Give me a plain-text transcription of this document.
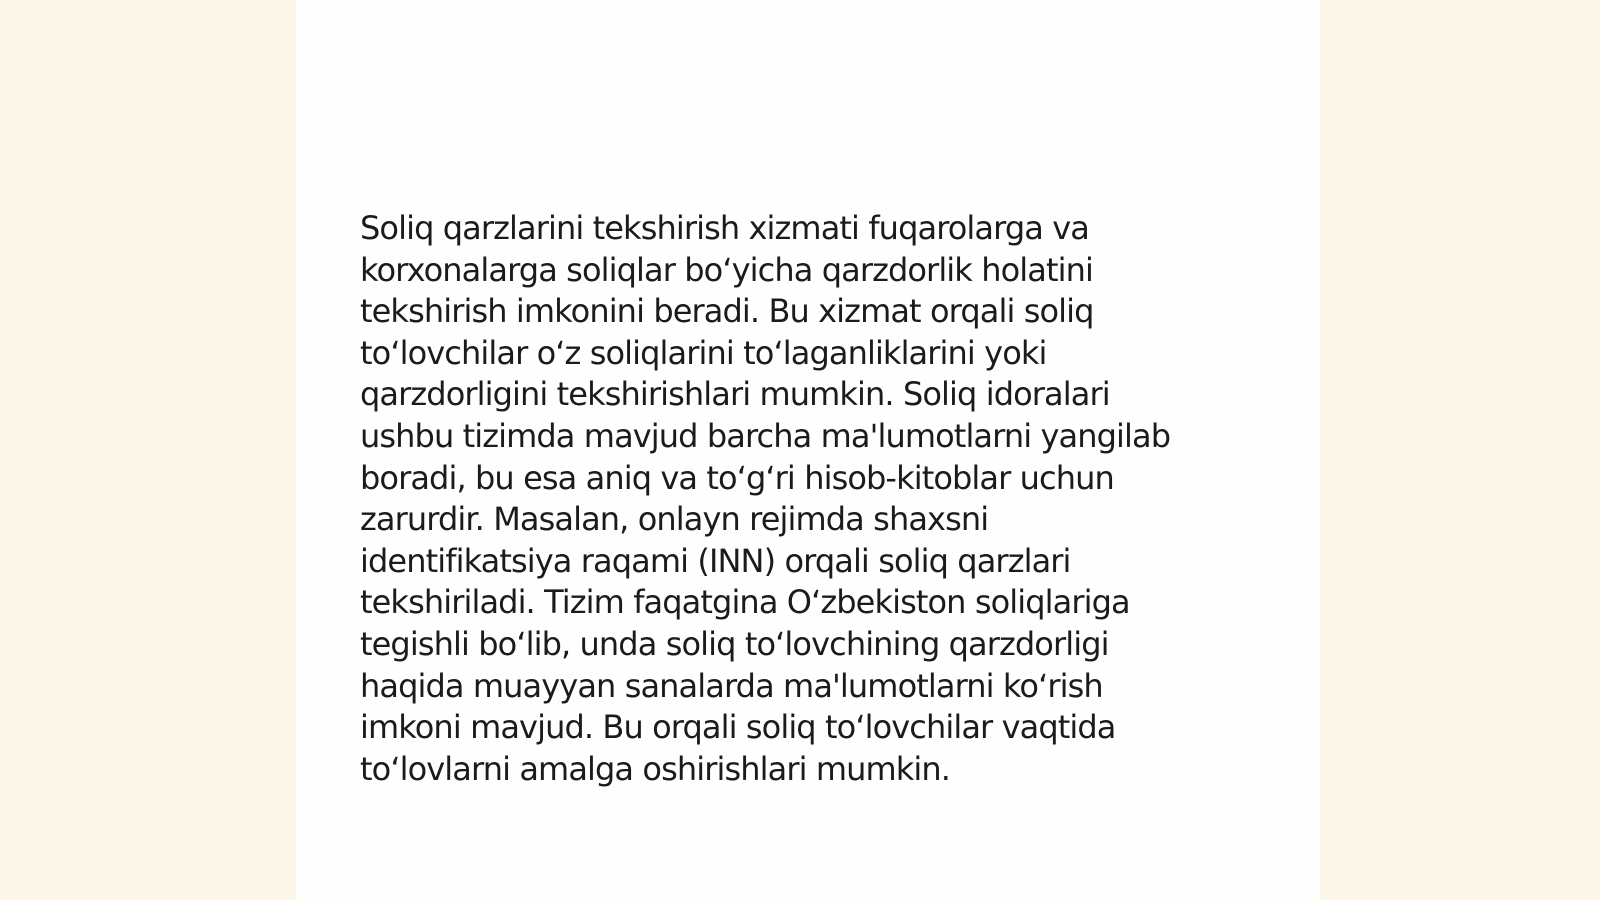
Soliq qarzlarini tekshirish xizmati fuqarolarga va
korxonalarga soliqlar boʻyicha qarzdorlik holatini
tekshirish imkonini beradi. Bu xizmat orqali soliq
toʻlovchilar oʻz soliqlarini toʻlaganliklarini yoki
qarzdorligini tekshirishlari mumkin. Soliq idoralari
ushbu tizimda mavjud barcha ma'lumotlarni yangilab
boradi, bu esa aniq va toʻgʻri hisob-kitoblar uchun
zarurdir. Masalan, onlayn rejimda shaxsni
identifikatsiya raqami (INN) orqali soliq qarzlari
tekshiriladi. Tizim faqatgina Oʻzbekiston soliqlariga
tegishli boʻlib, unda soliq toʻlovchining qarzdorligi
haqida muayyan sanalarda ma'lumotlarni koʻrish
imkoni mavjud. Bu orqali soliq toʻlovchilar vaqtida
toʻlovlarni amalga oshirishlari mumkin.
